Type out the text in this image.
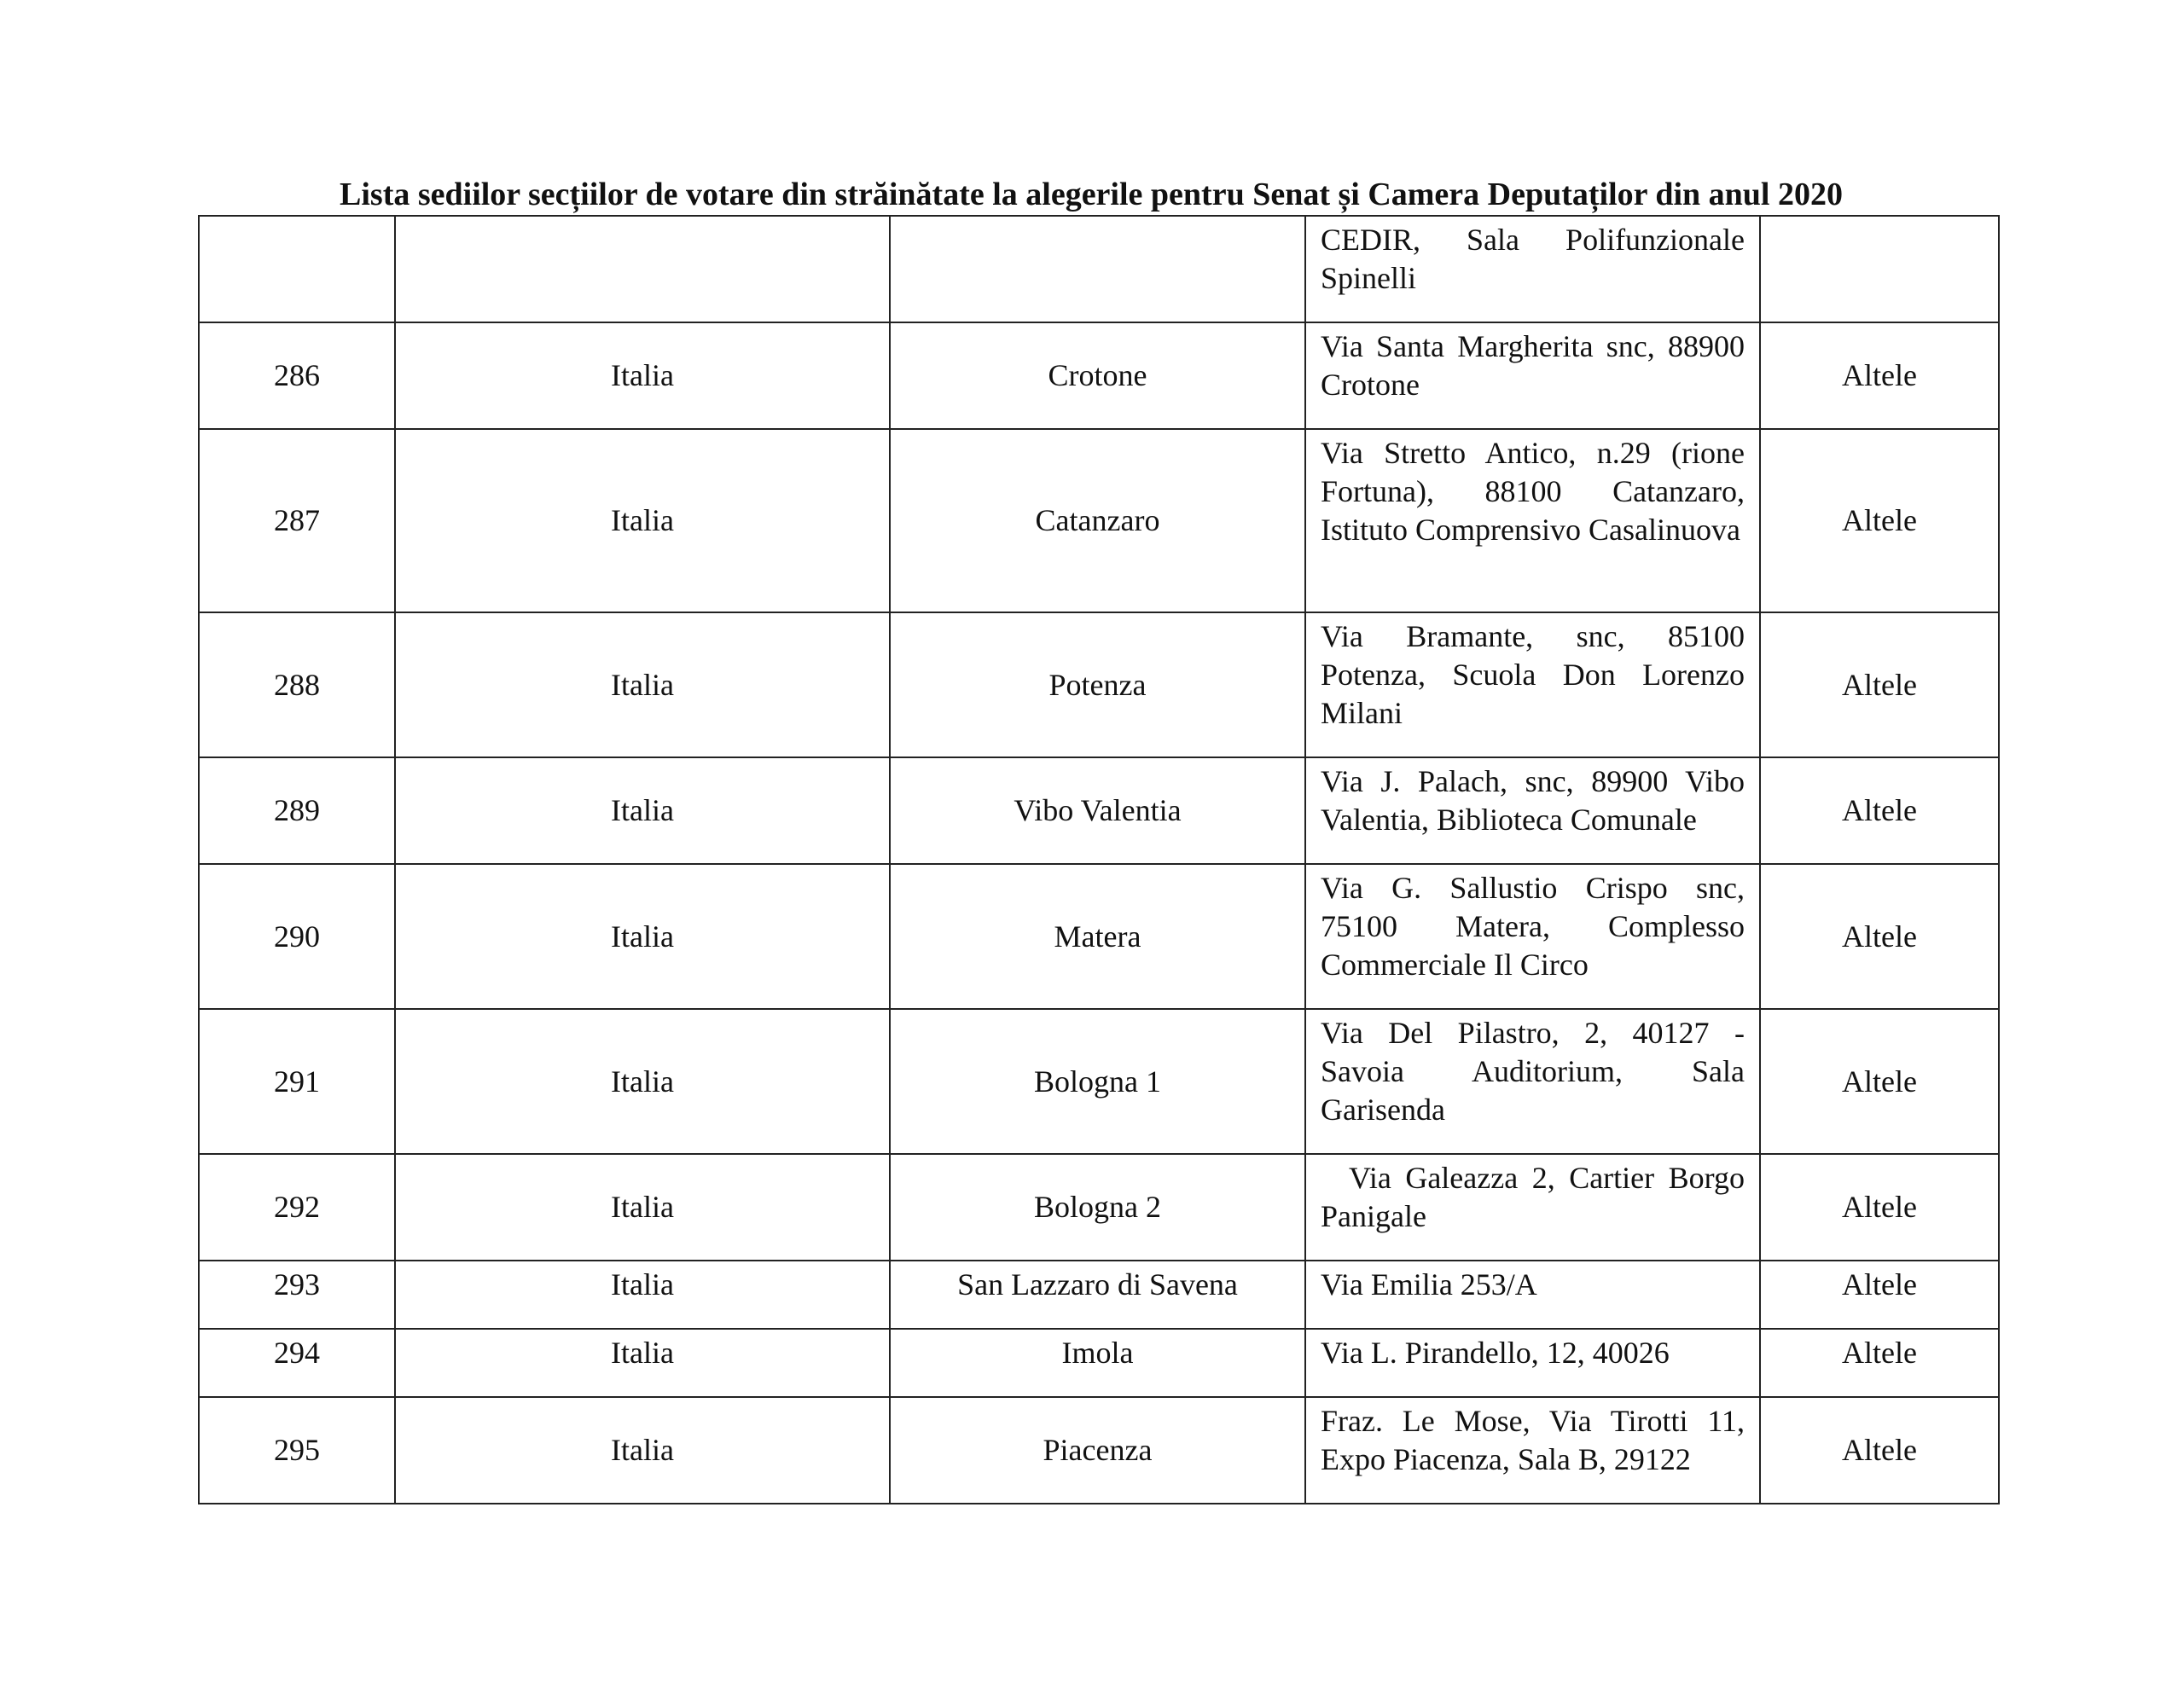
Lista sediilor secțiilor de votare din străinătate la alegerile pentru Senat și Camera Deputaților din anul 2020
			CEDIR, Sala Polifunzionale Spinelli	
286	Italia	Crotone	Via Santa Margherita snc, 88900 Crotone	Altele
287	Italia	Catanzaro	Via Stretto Antico, n.29 (rione Fortuna), 88100 Catanzaro, Istituto Comprensivo Casalinuova	Altele
288	Italia	Potenza	Via Bramante, snc, 85100 Potenza, Scuola Don Lorenzo Milani	Altele
289	Italia	Vibo Valentia	Via J. Palach, snc, 89900 Vibo Valentia, Biblioteca Comunale	Altele
290	Italia	Matera	Via G. Sallustio Crispo snc, 75100 Matera, Complesso Commerciale Il Circo	Altele
291	Italia	Bologna 1	Via Del Pilastro, 2, 40127 - Savoia Auditorium, Sala Garisenda	Altele
292	Italia	Bologna 2	Via Galeazza 2, Cartier Borgo Panigale	Altele
293	Italia	San Lazzaro di Savena	Via Emilia 253/A	Altele
294	Italia	Imola	Via L. Pirandello, 12, 40026	Altele
295	Italia	Piacenza	Fraz. Le Mose, Via Tirotti 11, Expo Piacenza, Sala B, 29122	Altele
